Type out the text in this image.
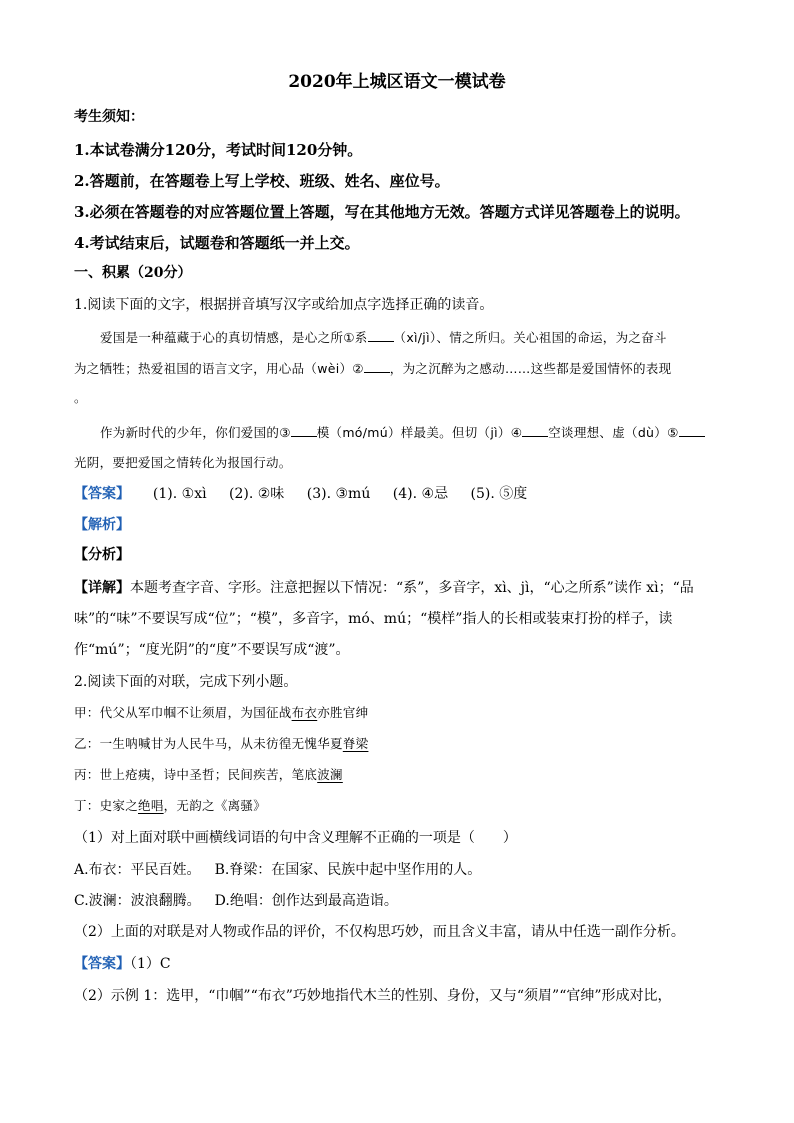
2020年上城区语文一模试卷
考生须知：
1.本试卷满分120分，考试时间120分钟。
2.答题前，在答题卷上写上学校、班级、姓名、座位号。
3.必须在答题卷的对应答题位置上答题，写在其他地方无效。答题方式详见答题卷上的说明。
4.考试结束后，试题卷和答题纸一并上交。
一、积累（20分）
1.阅读下面的文字，根据拼音填写汉字或给加点字选择正确的读音。
爱国是一种蕴藏于心的真切情感，是心之所①系 （xì/jì）、情之所归。关心祖国的命运，为之奋斗
为之牺牲；热爱祖国的语言文字，用心品（wèi）② ，为之沉醉为之感动……这些都是爱国情怀的表现
。
作为新时代的少年，你们爱国的③ 模（mó/mú）样最美。但切（jì）④ 空谈理想、虚（dù）⑤
光阴，要把爱国之情转化为报国行动。
【答案】 (1). ①xì (2). ②味 (3). ③mú (4). ④忌 (5). ⑤度
【解析】
【分析】
【详解】本题考查字音、字形。注意把握以下情况：“系”，多音字，xì、jì，“心之所系”读作 xì；“品
味”的“味”不要误写成“位”；“模”，多音字，mó、mú；“模样”指人的长相或装束打扮的样子，读
作“mú”；“度光阴”的“度”不要误写成“渡”。
2.阅读下面的对联，完成下列小题。
甲：代父从军巾帼不让须眉，为国征战布衣亦胜官绅
乙：一生呐喊甘为人民牛马，从未彷徨无愧华夏脊梁
丙：世上疮痍，诗中圣哲；民间疾苦，笔底波澜
丁：史家之绝唱，无韵之《离骚》
（1）对上面对联中画横线词语的句中含义理解不正确的一项是（　　）
A.布衣：平民百姓。 B.脊梁：在国家、民族中起中坚作用的人。
C.波澜：波浪翻腾。 D.绝唱：创作达到最高造诣。
（2）上面的对联是对人物或作品的评价，不仅构思巧妙，而且含义丰富，请从中任选一副作分析。
【答案】（1）C
（2）示例 1：选甲，“巾帼”“布衣”巧妙地指代木兰的性别、身份，又与“须眉”“官绅”形成对比，
